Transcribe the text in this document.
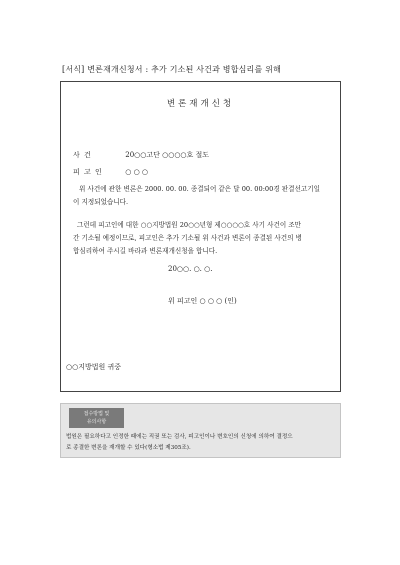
[서식] 변론재개신청서 : 추가 기소된 사건과 병합심리를 위해
변론재개신청
사 건	20○○고단 ○○○○호 절도
피 고 인	○ ○ ○
위 사건에 관한 변론은 2000. 00. 00. 종결되어 같은 달 00. 00:00경 판결선고기일
이 지정되었습니다.
그런데 피고인에 대한 ○○지방법원 20○○년형 제○○○○호 사기 사건이 조만
간 기소될 예정이므로, 피고인은 추가 기소될 위 사건과 변론이 종결된 사건의 병
합심리하여 주시길 바라과 변론재개신청을 합니다.
20○○. ○. ○.
위 피고인 ○ ○ ○ (인)
○○지방법원 귀중
접수방법 및
유의사항
법원은 필요하다고 인정한 때에는 직권 또는 검사, 피고인이나 변호인의 신청에 의하여 결정으
로 종결한 변론을 재개할 수 있다(형소법 제305조).
